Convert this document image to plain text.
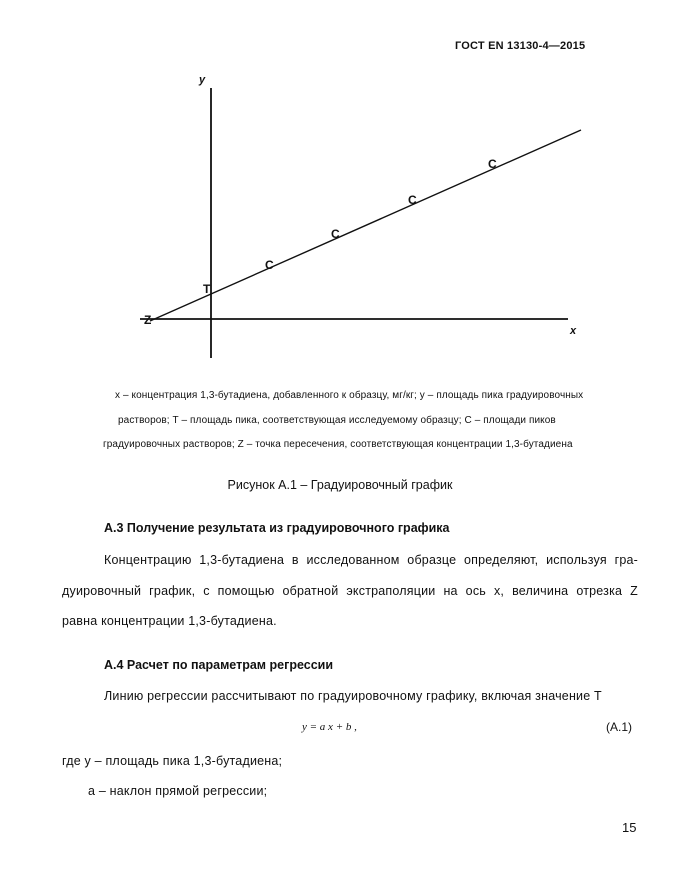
ГОСТ EN 13130-4—2015
y
x
T
Z
C
C
C
C
x – концентрация 1,3-бутадиена, добавленного к образцу, мг/кг; y – площадь пика градуировочных
растворов; T – площадь пика, соответствующая исследуемому образцу; C – площади пиков
градуировочных растворов; Z – точка пересечения, соответствующая концентрации 1,3-бутадиена
Рисунок А.1 – Градуировочный график
А.3 Получение результата из градуировочного графика
Концентрацию 1,3-бутадиена в исследованном образце определяют, используя гра-
дуировочный график, с помощью обратной экстраполяции на ось x, величина отрезка Z
равна концентрации 1,3-бутадиена.
А.4 Расчет по параметрам регрессии
Линию регрессии рассчитывают по градуировочному графику, включая значение T
y = a x + b ,	(А.1)
где y – площадь пика 1,3-бутадиена;
a – наклон прямой регрессии;
15
